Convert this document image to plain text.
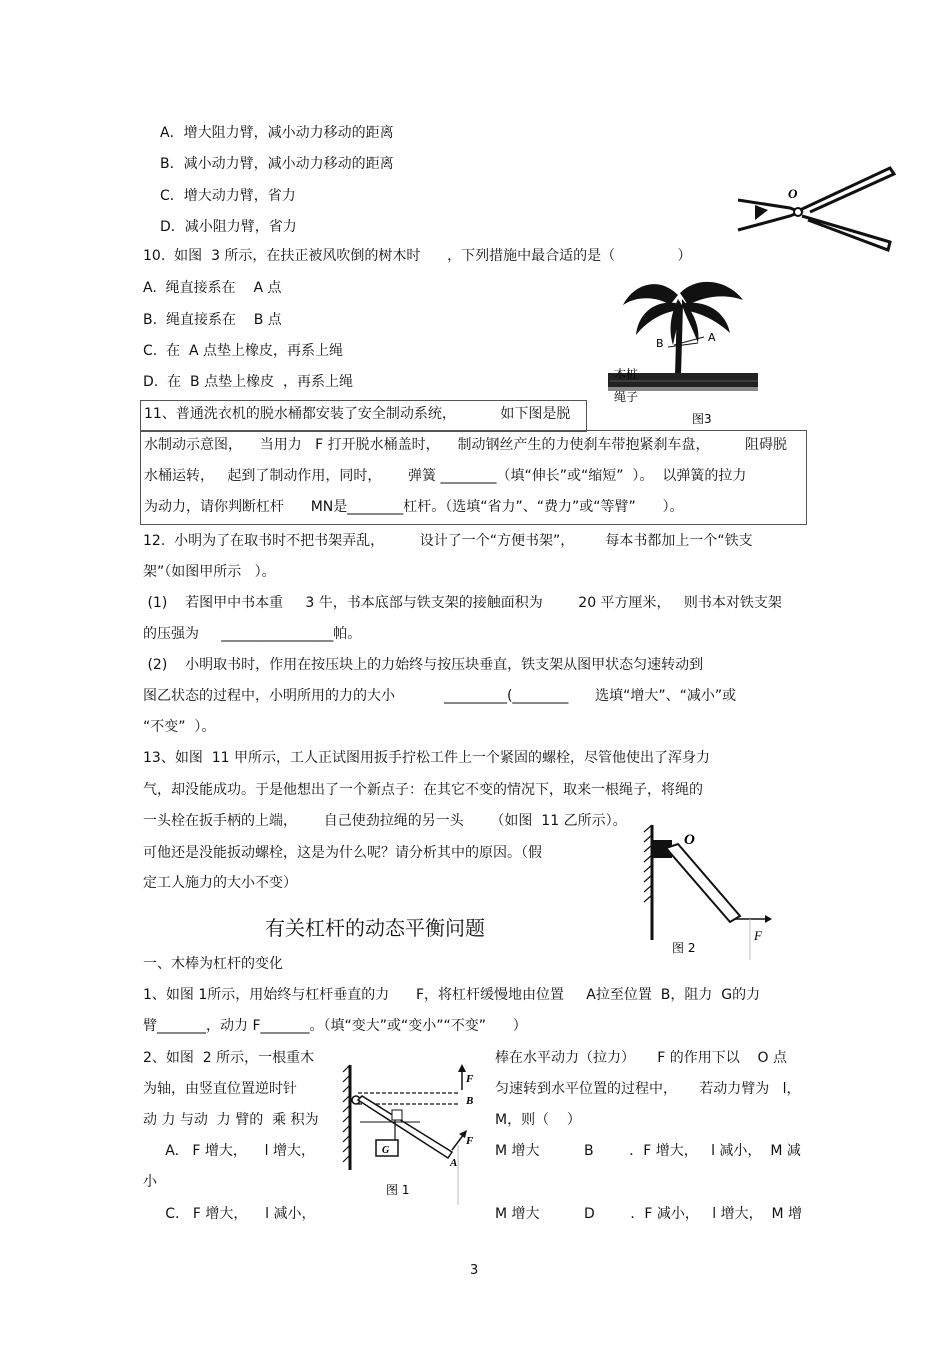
A．增大阻力臂，减小动力移动的距离
B．减小动力臂，减小动力移动的距离
C．增大动力臂，省力
D．减小阻力臂，省力
O
10.  如图  3 所示，在扶正被风吹倒的树木时      ，下列措施中最合适的是（              ）
A.  绳直接系在    A 点
B.  绳直接系在    B 点
C.  在  A 点垫上橡皮，再系上绳
D.  在  B 点垫上橡皮  ，再系上绳
A
B
木桩
绳子
图3
11、普通洗衣机的脱水桶都安装了安全制动系统，          如下图是脱
水制动示意图，    当用力   F 打开脱水桶盖时，    制动钢丝产生的力使刹车带抱紧刹车盘，        阻碍脱
水桶运转，   起到了制动作用，同时，      弹簧 ________（填“伸长”或“缩短”  ）。  以弹簧的拉力
为动力，请你判断杠杆      MN是________杠杆。（选填“省力”、“费力”或“等臂”      ）。
12.  小明为了在取书时不把书架弄乱，        设计了一个“方便书架”，       每本书都加上一个“铁支
架”（如图甲所示   ）。
(1)    若图甲中书本重     3 牛，书本底部与铁支架的接触面积为        20 平方厘米，   则书本对铁支架
的压强为     ________________帕。
(2)    小明取书时，作用在按压块上的力始终与按压块垂直，铁支架从图甲状态匀速转动到
图乙状态的过程中，小明所用的力的大小           _________(________      选填“增大”、“减小”或
“不变”  ）。
13、如图  11 甲所示，工人正试图用扳手拧松工件上一个紧固的螺栓，尽管他使出了浑身力
气，却没能成功。于是他想出了一个新点子：在其它不变的情况下，取来一根绳子，将绳的
一头栓在扳手柄的上端，      自己使劲拉绳的另一头      （如图  11 乙所示）。
可他还是没能扳动螺栓，这是为什么呢？请分析其中的原因。（假
定工人施力的大小不变）
O
F
图 2
有关杠杆的动态平衡问题
一、木棒为杠杆的变化
1、如图 1所示，用始终与杠杆垂直的力      F，将杠杆缓慢地由位置     A拉至位置  B，阻力  G的力
臂_______，动力 F_______。（填“变大”或“变小”“不变”      ）
2、如图  2 所示，一根重木	棒在水平动力（拉力）     F 的作用下以    O 点
为轴，由竖直位置逆时针	匀速转到水平位置的过程中，     若动力臂为   l，
动 力 与动  力 臂的  乘 积为	M，则（    ）
A.   F 增大，    l 增大，	M 增大          B        ．F 增大，   l 减小，  M 减
小
C.   F 增大，    l 减小，	M 增大          D        ．F 减小，   l 增大，  M 增
F
B
F
A
G
图 1
3
